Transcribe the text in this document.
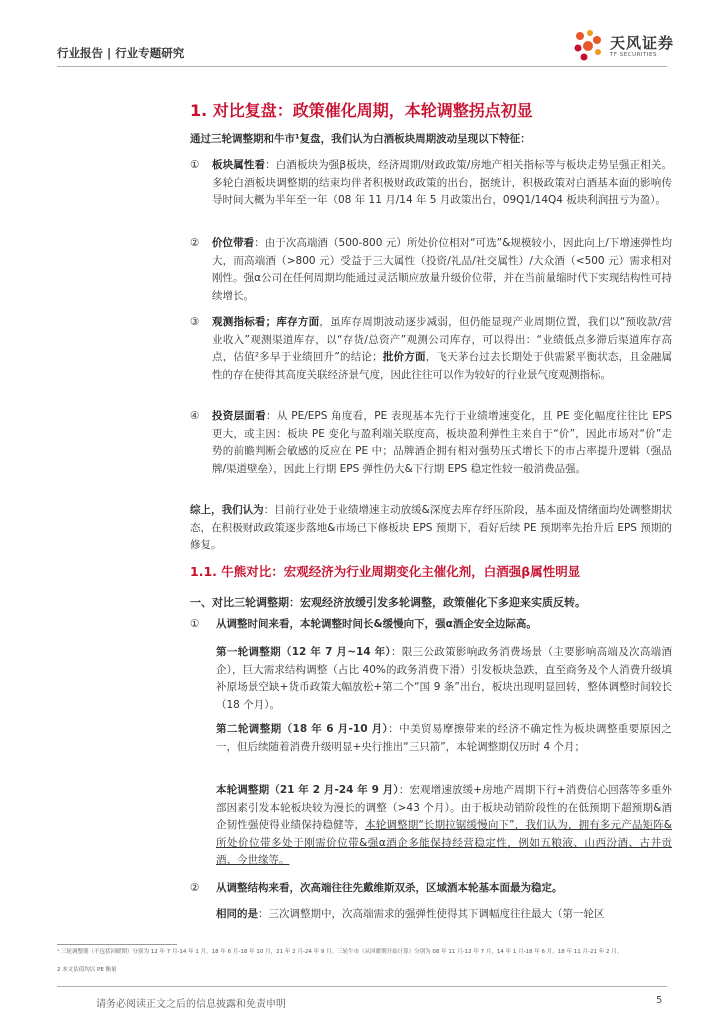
行业报告 | 行业专题研究
天风证券
TF SECURITIES
1. 对比复盘：政策催化周期，本轮调整拐点初显
通过三轮调整期和牛市¹复盘，我们认为白酒板块周期波动呈现以下特征：
①	板块属性看：白酒板块为强β板块，经济周期/财政政策/房地产相关指标等与板块走势呈强正相关。多轮白酒板块调整期的结束均伴者积极财政政策的出台，据统计，积极政策对白酒基本面的影响传导时间大概为半年至一年（08 年 11 月/14 年 5 月政策出台，09Q1/14Q4 板块利润扭亏为盈）。
②	价位带看：由于次高端酒（500-800 元）所处价位相对“可选”&规模较小，因此向上/下增速弹性均大，而高端酒（>800 元）受益于三大属性（投资/礼品/社交属性）/大众酒（<500 元）需求相对刚性。强α公司在任何周期均能通过灵活顺应放量升级价位带，并在当前量缩时代下实现结构性可持续增长。
③	观测指标看；库存方面，虽库存周期波动逐步减弱，但仍能显现产业周期位置，我们以“预收款/营业收入”观测渠道库存，以“存货/总资产”观测公司库存，可以得出：“业绩低点多滞后渠道库存高点，估值²多早于业绩回升”的结论；批价方面，飞天茅台过去长期处于供需紧平衡状态，且金融属性的存在使得其高度关联经济景气度，因此往往可以作为较好的行业景气度观测指标。
④	投资层面看：从 PE/EPS 角度看，PE 表现基本先行于业绩增速变化，且 PE 变化幅度往往比 EPS 更大，或主因：板块 PE 变化与盈利端关联度高，板块盈利弹性主来自于“价”，因此市场对“价”走势的前瞻判断会敏感的反应在 PE 中；品牌酒企拥有相对强势压式增长下的市占率提升逻辑（强品牌/渠道壁垒），因此上行期 EPS 弹性仍大&下行期 EPS 稳定性较一般消费品强。
综上，我们认为：目前行业处于业绩增速主动放缓&深度去库存纾压阶段，基本面及情绪面均处调整期状态，在积极财政政策逐步落地&市场已下修板块 EPS 预期下，看好后续 PE 预期率先抬升后 EPS 预期的修复。
1.1. 牛熊对比：宏观经济为行业周期变化主催化剂，白酒强β属性明显
一、对比三轮调整期：宏观经济放缓引发多轮调整，政策催化下多迎来实质反转。
①	从调整时间来看，本轮调整时间长&缓慢向下，强α酒企安全边际高。
第一轮调整期（12 年 7 月~14 年）：限三公政策影响政务消费场景（主要影响高端及次高端酒企），巨大需求结构调整（占比 40%的政务消费下滑）引发板块急跌，直至商务及个人消费升级填补原场景空缺+货币政策大幅放松+第二个“国 9 条”出台，板块出现明显回转，整体调整时间较长（18 个月）。
第二轮调整期（18 年 6 月-10 月）：中美贸易摩擦带来的经济不确定性为板块调整重要原因之一，但后续随着消费升级明显+央行推出“三只箭”，本轮调整期仅历时 4 个月；
本轮调整期（21 年 2 月-24 年 9 月）：宏观增速放缓+房地产周期下行+消费信心回落等多重外部因素引发本轮板块较为漫长的调整（>43 个月）。由于板块动销阶段性的在低预期下超预期&酒企韧性强使得业绩保持稳健等，本轮调整期“长期拉锯缓慢向下”，我们认为，拥有多元产品矩阵&所处价位带多处于刚需价位带&强α酒企多能保持经营稳定性，例如五粮液、山西汾酒、古井贡酒、今世缘等。
②	从调整结构来看，次高端往往先戴维斯双杀，区域酒本轮基本面最为稳定。
相同的是：三次调整期中，次高端需求的强弹性使得其下调幅度往往最大（第一轮区
¹ 三轮调整期（不包括回暖期）分别为 12 年 7 月-14 年 1 月，18 年 6 月-18 年 10 月，21 年 2 月-24 年 9 月。三轮牛市（从回暖期开始计算）分别为 08 年 11 月-12 年 7 月，14 年 1 月-18 年 6 月，18 年 11 月-21 年 2 月。
2 本文估值均以 PE 衡量
请务必阅读正文之后的信息披露和免责申明	5
